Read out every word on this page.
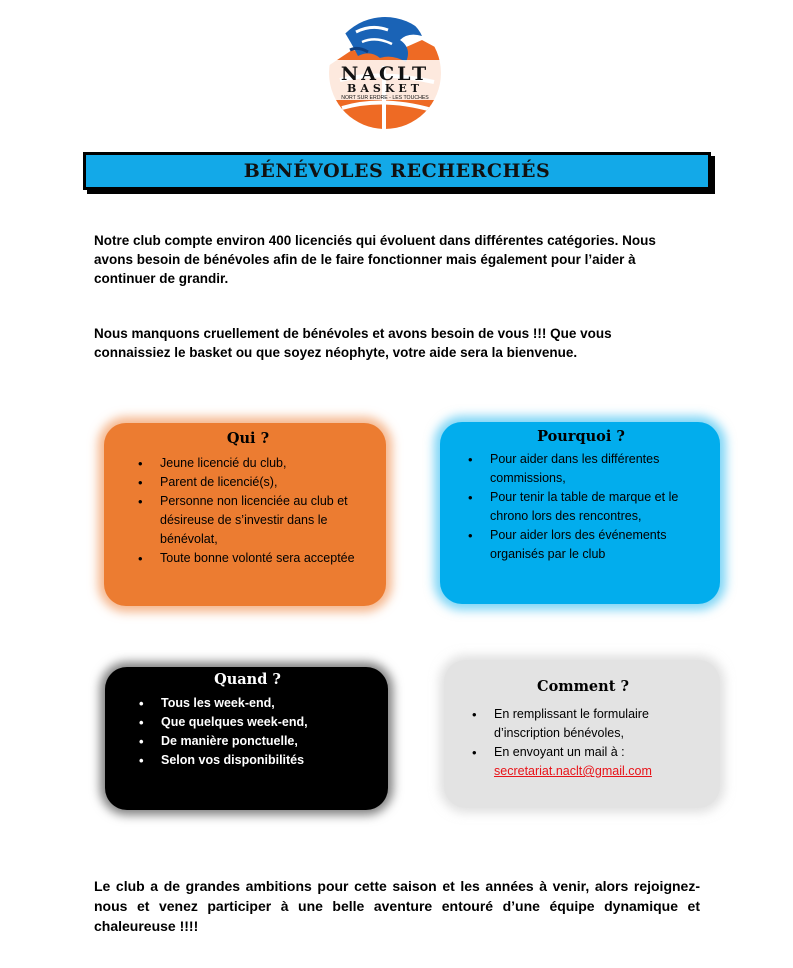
NACLT
BASKET
NORT SUR ERDRE - LES TOUCHES
BÉNÉVOLES RECHERCHÉS

Notre club compte environ 400 licenciés qui évoluent dans différentes catégories. Nous avons besoin de bénévoles afin de le faire fonctionner mais également pour l’aider à continuer de grandir.

Nous manquons cruellement de bénévoles et avons besoin de vous !!! Que vous connaissiez le basket ou que soyez néophyte, votre aide sera la bienvenue.

Qui ?
• Jeune licencié du club,
• Parent de licencié(s),
• Personne non licenciée au club et désireuse de s’investir dans le bénévolat,
• Toute bonne volonté sera acceptée
Pourquoi ?
• Pour aider dans les différentes commissions,
• Pour tenir la table de marque et le chrono lors des rencontres,
• Pour aider lors des événements organisés par le club
Quand ?
• Tous les week-end,
• Que quelques week-end,
• De manière ponctuelle,
• Selon vos disponibilités
Comment ?
• En remplissant le formulaire d’inscription bénévoles,
• En envoyant un mail à :
secretariat.naclt@gmail.com

Le club a de grandes ambitions pour cette saison et les années à venir, alors rejoignez-nous et venez participer à une belle aventure entouré d’une équipe dynamique et chaleureuse !!!!
